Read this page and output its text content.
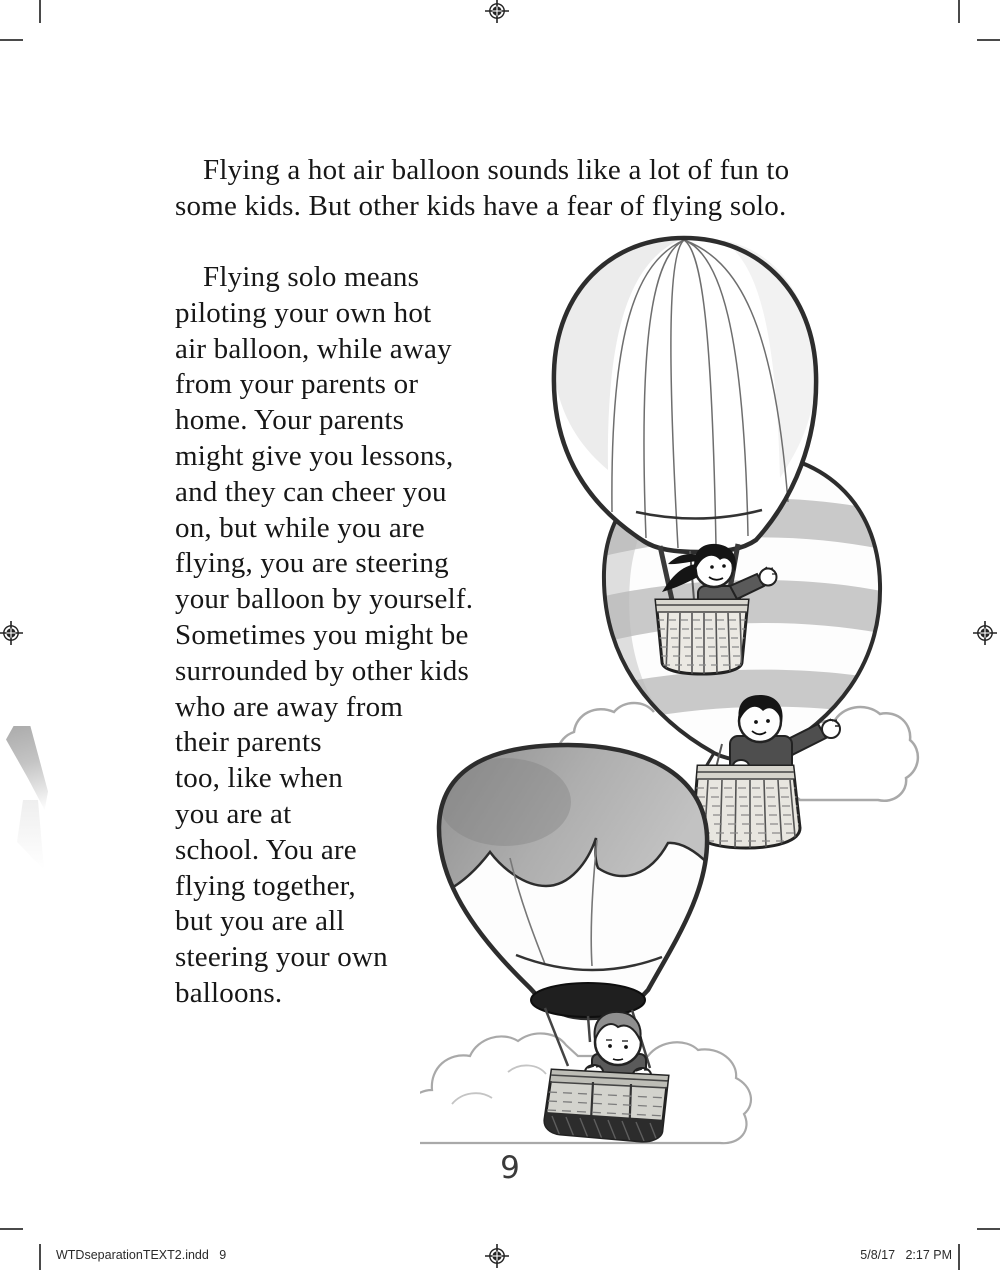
Flying a hot air balloon sounds like a lot of fun to
some kids. But other kids have a fear of flying solo.
Flying solo means
piloting your own hot
air balloon, while away
from your parents or
home. Your parents
might give you lessons,
and they can cheer you
on, but while you are
flying, you are steering
your balloon by yourself.
Sometimes you might be
surrounded by other kids
who are away from
their parents
too, like when
you are at
school. You are
flying together,
but you are all
steering your own
balloons.
9
WTDseparationTEXT2.indd   9	5/8/17   2:17 PM
